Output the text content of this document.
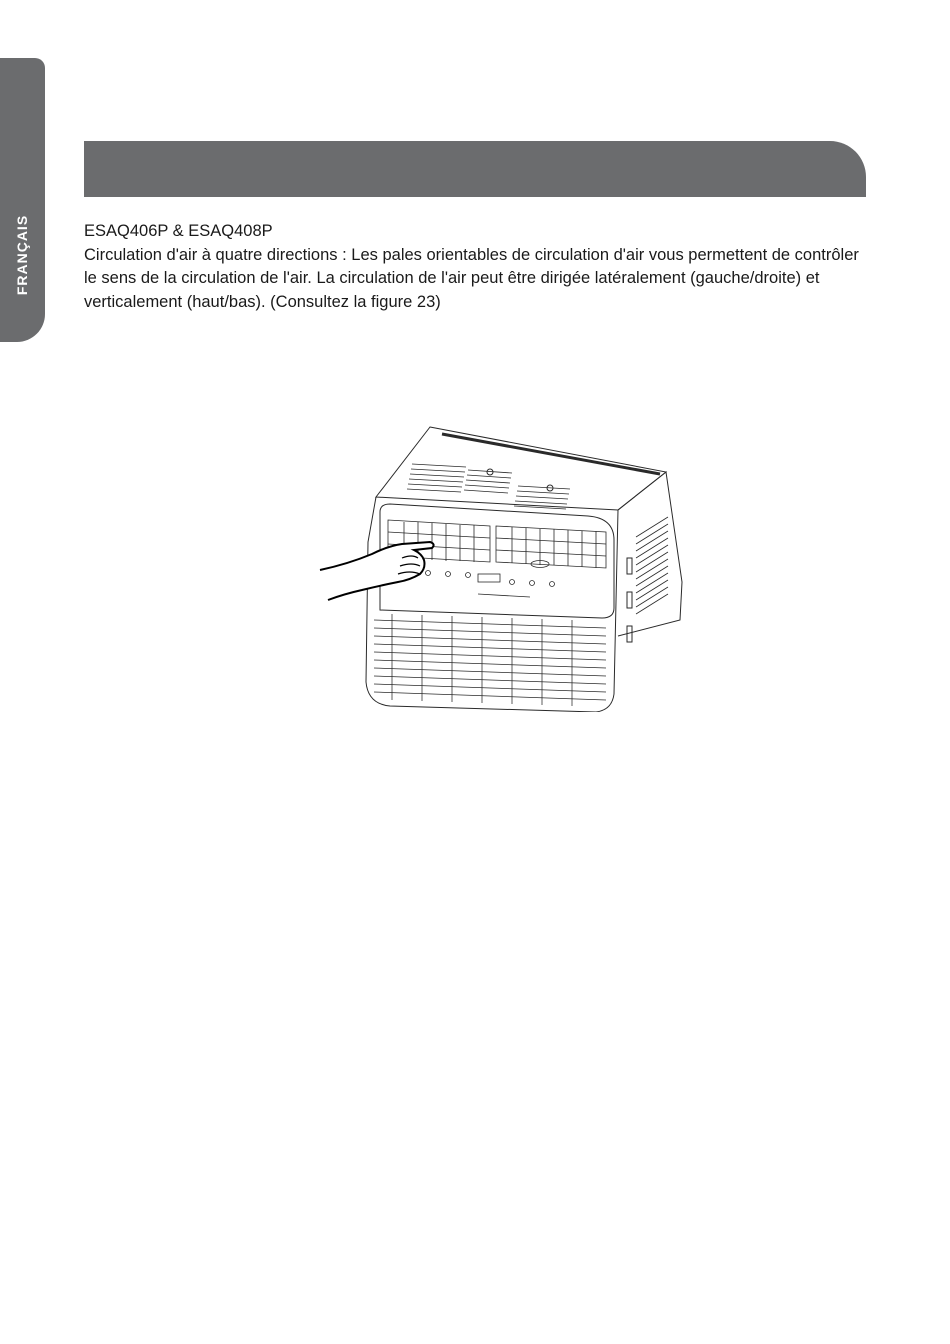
FRANÇAIS	ESAQ406P & ESAQ408P

Circulation d'air à quatre directions : Les pales orientables de circulation d'air vous permettent de contrôler le sens de la circulation de l'air. La circulation de l'air peut être dirigée latéralement (gauche/droite) et verticalement (haut/bas). (Consultez la figure 23)
